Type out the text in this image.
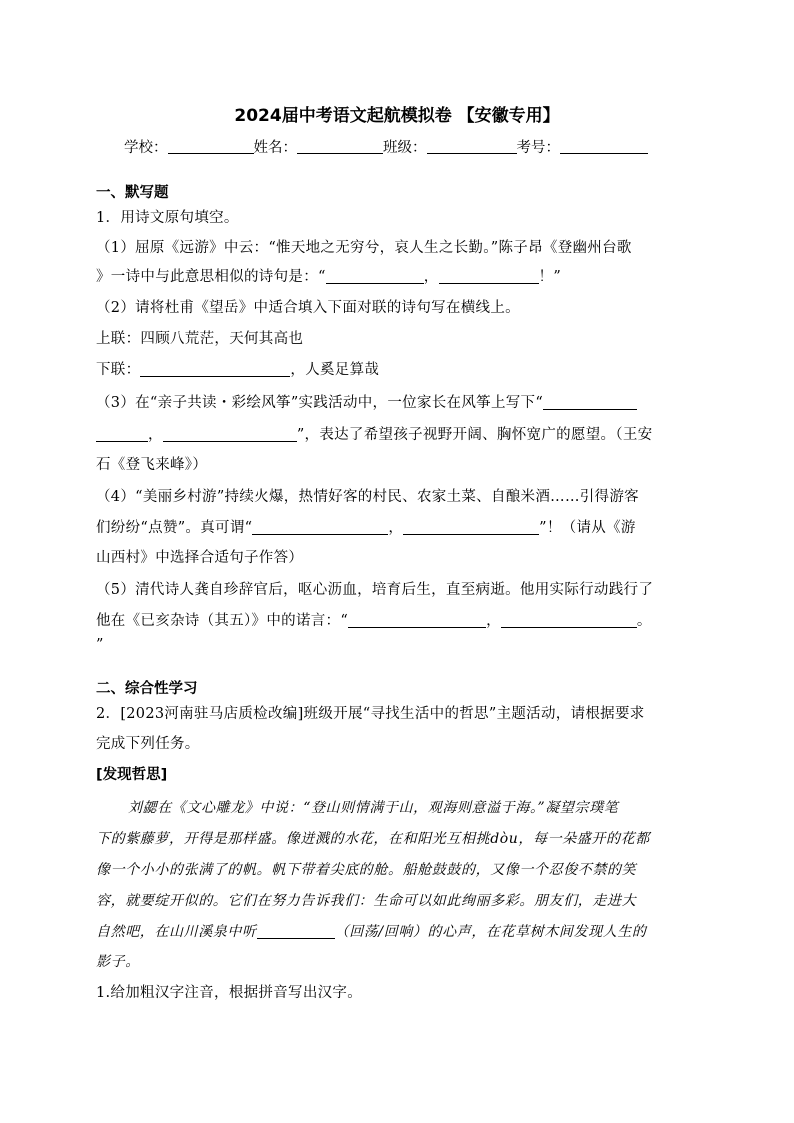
2024届中考语文起航模拟卷 【安徽专用】
学校：	姓名：	班级：	考号：
一、默写题
1．用诗文原句填空。
（1）屈原《远游》中云：“惟天地之无穷兮，哀人生之长勤。”陈子昂《登幽州台歌
》一诗中与此意思相似的诗句是：“	，	！”
（2）请将杜甫《望岳》中适合填入下面对联的诗句写在横线上。
上联：四顾八荒茫，天何其高也
下联：	，人奚足算哉
（3）在“亲子共读・彩绘风筝”实践活动中，一位家长在风筝上写下“
，	”，表达了希望孩子视野开阔、胸怀宽广的愿望。（王安
石《登飞来峰》）
（4）“美丽乡村游”持续火爆，热情好客的村民、农家土菜、自酿米酒……引得游客
们纷纷“点赞”。真可谓“	，	”！（请从《游
山西村》中选择合适句子作答）
（5）清代诗人龚自珍辞官后，呕心沥血，培育后生，直至病逝。他用实际行动践行了
他在《已亥杂诗（其五）》中的诺言：“	，	。
”
二、综合性学习
2．[2023河南驻马店质检改编]班级开展“寻找生活中的哲思”主题活动，请根据要求
完成下列任务。
[发现哲思]
刘勰在《文心雕龙》中说：“登山则情满于山，观海则意溢于海。”凝望宗璞笔
下的紫藤萝，开得是那样盛。像迸溅的水花，在和阳光互相挑dòu，每一朵盛开的花都
像一个小小的张满了的帆。帆下带着尖底的舱。船舱鼓鼓的，又像一个忍俊不禁的笑
容，就要绽开似的。它们在努力告诉我们：生命可以如此绚丽多彩。朋友们，走进大
自然吧，在山川溪泉中听	（回荡/回响）的心声，在花草树木间发现人生的
影子。
1.给加粗汉字注音，根据拼音写出汉字。
